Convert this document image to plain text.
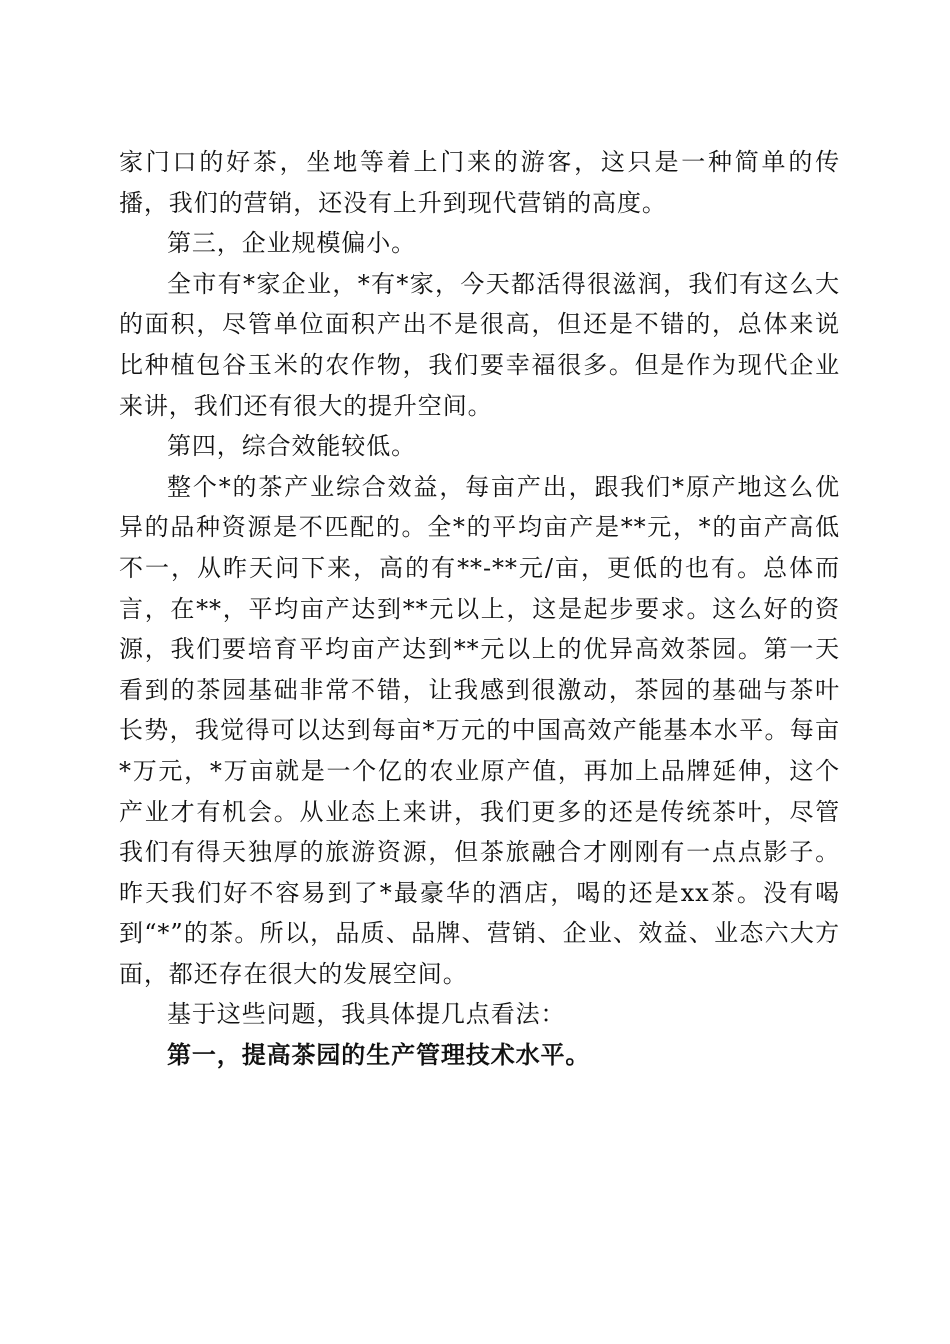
家门口的好茶，坐地等着上门来的游客，这只是一种简单的传播，我们的营销，还没有上升到现代营销的高度。

第三，企业规模偏小。

全市有*家企业，*有*家，今天都活得很滋润，我们有这么大的面积，尽管单位面积产出不是很高，但还是不错的，总体来说比种植包谷玉米的农作物，我们要幸福很多。但是作为现代企业来讲，我们还有很大的提升空间。

第四，综合效能较低。

整个*的茶产业综合效益，每亩产出，跟我们*原产地这么优异的品种资源是不匹配的。全*的平均亩产是**元，*的亩产高低不一，从昨天问下来，高的有**-**元/亩，更低的也有。总体而言，在**，平均亩产达到**元以上，这是起步要求。这么好的资源，我们要培育平均亩产达到**元以上的优异高效茶园。第一天看到的茶园基础非常不错，让我感到很激动，茶园的基础与茶叶长势，我觉得可以达到每亩*万元的中国高效产能基本水平。每亩*万元，*万亩就是一个亿的农业原产值，再加上品牌延伸，这个产业才有机会。从业态上来讲，我们更多的还是传统茶叶，尽管我们有得天独厚的旅游资源，但茶旅融合才刚刚有一点点影子。昨天我们好不容易到了*最豪华的酒店，喝的还是xx茶。没有喝到“*”的茶。所以，品质、品牌、营销、企业、效益、业态六大方面，都还存在很大的发展空间。

基于这些问题，我具体提几点看法：

第一，提高茶园的生产管理技术水平。
